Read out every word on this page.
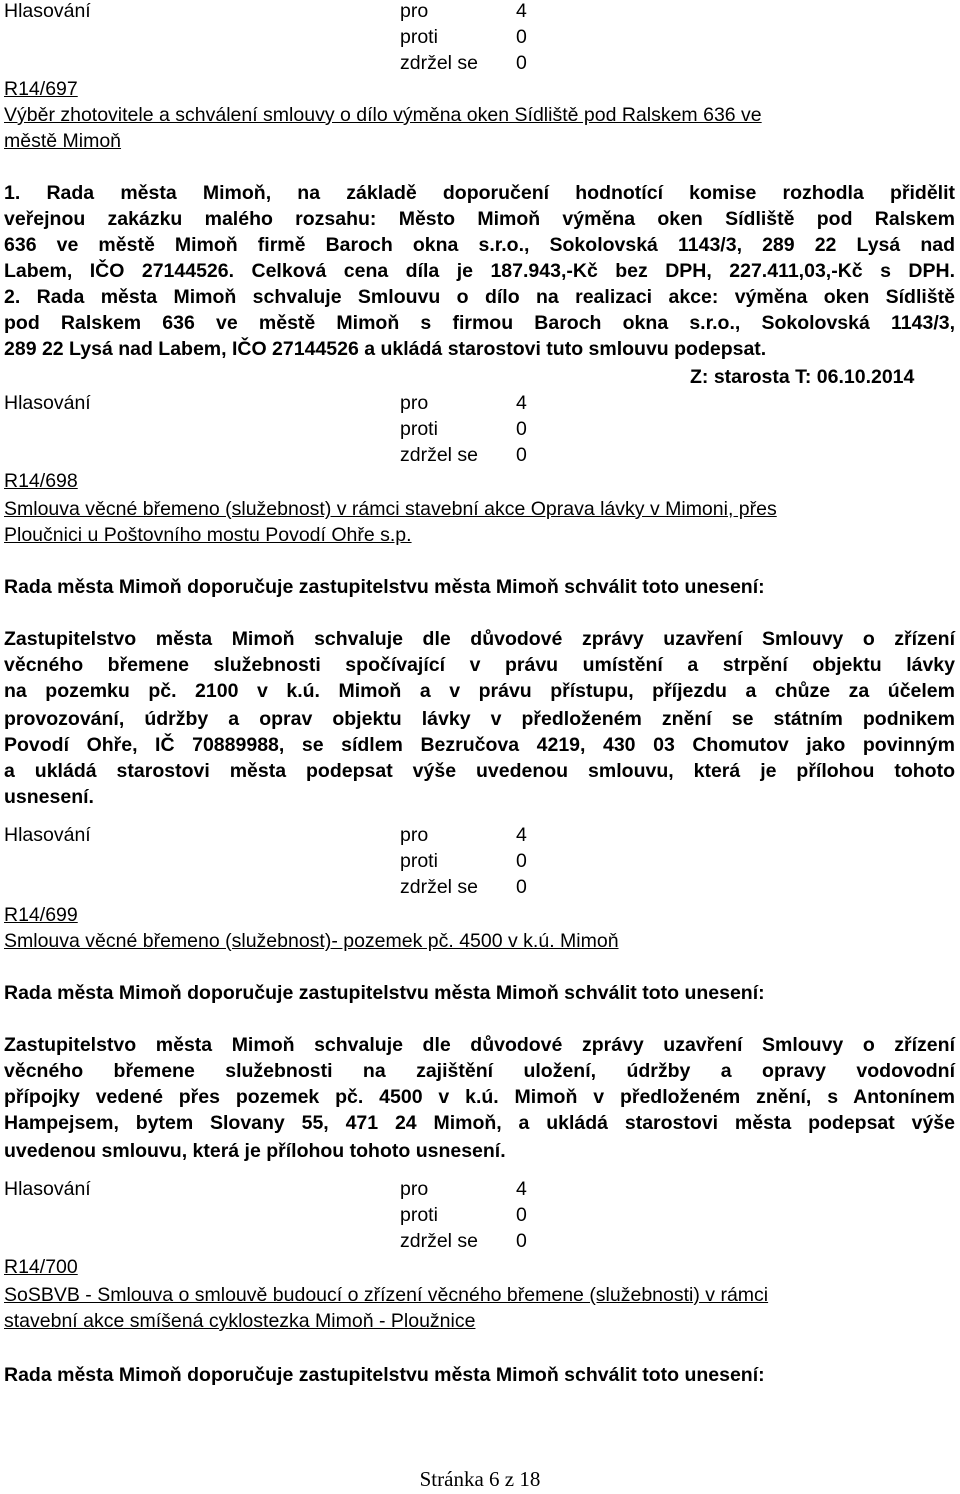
Hlasování	pro	4
proti	0
zdržel se 0
R14/697
Výběr zhotovitele a schválení smlouvy o dílo výměna oken Sídliště pod Ralskem 636 ve
městě Mimoň
1. Rada města Mimoň, na základě doporučení hodnotící komise rozhodla přidělit
veřejnou zakázku malého rozsahu: Město Mimoň výměna oken Sídliště pod Ralskem
636 ve městě Mimoň firmě Baroch okna s.r.o., Sokolovská 1143/3, 289 22 Lysá nad
Labem, IČO 27144526. Celková cena díla je 187.943,-Kč bez DPH, 227.411,03,-Kč s DPH.
2. Rada města Mimoň schvaluje Smlouvu o dílo na realizaci akce: výměna oken Sídliště
pod Ralskem 636 ve městě Mimoň s firmou Baroch okna s.r.o., Sokolovská 1143/3,
289 22 Lysá nad Labem, IČO 27144526 a ukládá starostovi tuto smlouvu podepsat.
Z: starosta T: 06.10.2014
Hlasování	pro	4
proti	0
zdržel se 0
R14/698
Smlouva věcné břemeno (služebnost) v rámci stavební akce Oprava lávky v Mimoni, přes
Ploučnici u Poštovního mostu Povodí Ohře s.p.
Rada města Mimoň doporučuje zastupitelstvu města Mimoň schválit toto unesení:
Zastupitelstvo města Mimoň schvaluje dle důvodové zprávy uzavření Smlouvy o zřízení
věcného břemene služebnosti spočívající v právu umístění a strpění objektu lávky
na pozemku pč. 2100 v k.ú. Mimoň a v právu přístupu, příjezdu a chůze za účelem
provozování, údržby a oprav objektu lávky v předloženém znění se státním podnikem
Povodí Ohře, IČ 70889988, se sídlem Bezručova 4219, 430 03 Chomutov jako povinným
a ukládá starostovi města podepsat výše uvedenou smlouvu, která je přílohou tohoto
usnesení.
Hlasování	pro	4
proti	0
zdržel se 0
R14/699
Smlouva věcné břemeno (služebnost)- pozemek pč. 4500 v k.ú. Mimoň
Rada města Mimoň doporučuje zastupitelstvu města Mimoň schválit toto unesení:
Zastupitelstvo města Mimoň schvaluje dle důvodové zprávy uzavření Smlouvy o zřízení
věcného břemene služebnosti na zajištění uložení, údržby a opravy vodovodní
přípojky vedené přes pozemek pč. 4500 v k.ú. Mimoň v předloženém znění, s Antonínem
Hampejsem, bytem Slovany 55, 471 24 Mimoň, a ukládá starostovi města podepsat výše
uvedenou smlouvu, která je přílohou tohoto usnesení.
Hlasování	pro	4
proti	0
zdržel se 0
R14/700
SoSBVB - Smlouva o smlouvě budoucí o zřízení věcného břemene (služebnosti) v rámci
stavební akce smíšená cyklostezka Mimoň - Ploužnice
Rada města Mimoň doporučuje zastupitelstvu města Mimoň schválit toto unesení:
Stránka 6 z 18
